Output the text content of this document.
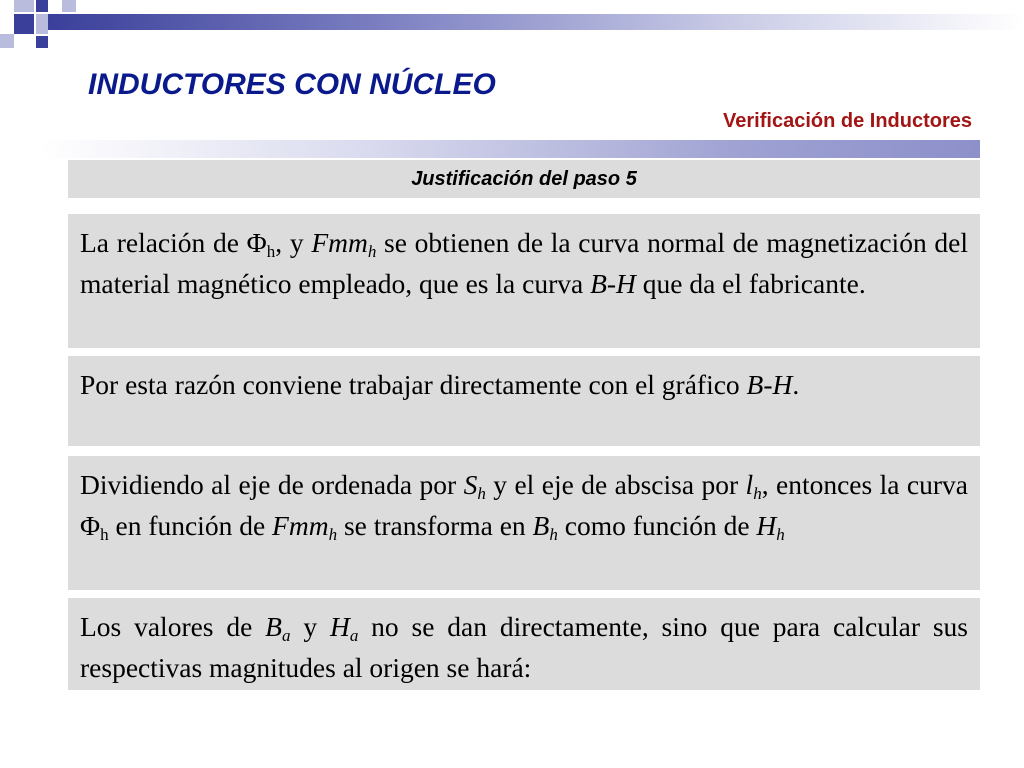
INDUCTORES CON NÚCLEO
Verificación de Inductores
Justificación del paso 5
La relación de $\Phi_h$, y Fmm$_h$ se obtienen de la curva normal de magnetización del material magnético empleado, que es la curva B-H que da el fabricante.
Por esta razón conviene trabajar directamente con el gráfico B-H.
Dividiendo al eje de ordenada por $S_h$ y el eje de abscisa por $l_h$, entonces la curva $\Phi_h$ en función de Fmm$_h$ se transforma en $B_h$ como función de $H_h$
Los valores de $B_a$ y $H_a$ no se dan directamente, sino que para calcular sus respectivas magnitudes al origen se hará:
